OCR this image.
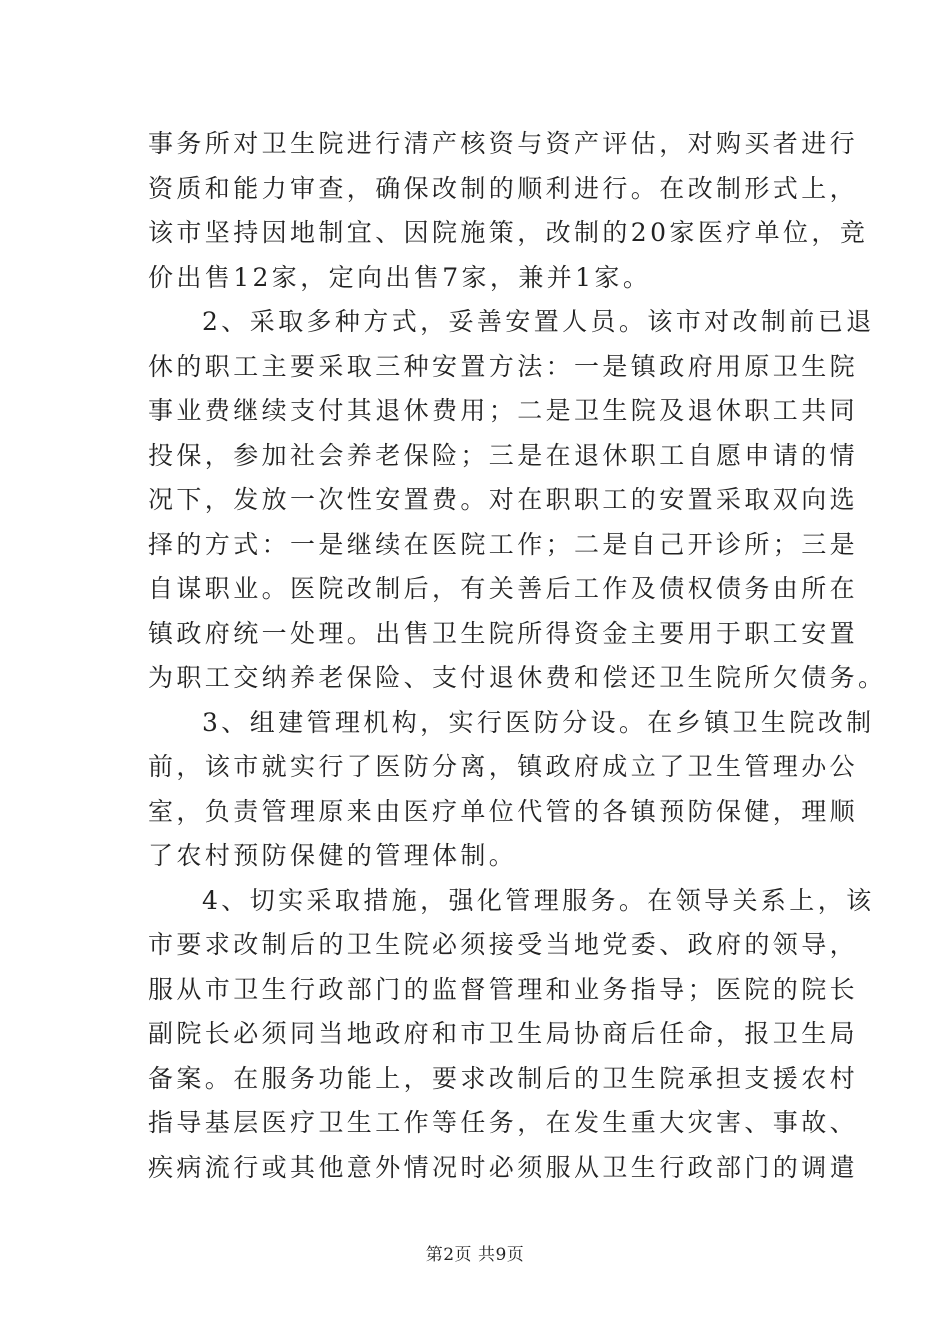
事务所对卫生院进行清产核资与资产评估，对购买者进行
资质和能力审查，确保改制的顺利进行。在改制形式上，
该市坚持因地制宜、因院施策，改制的20家医疗单位，竞
价出售12家，定向出售7家，兼并1家。

2、采取多种方式，妥善安置人员。该市对改制前已退
休的职工主要采取三种安置方法：一是镇政府用原卫生院
事业费继续支付其退休费用；二是卫生院及退休职工共同
投保，参加社会养老保险；三是在退休职工自愿申请的情
况下，发放一次性安置费。对在职职工的安置采取双向选
择的方式：一是继续在医院工作；二是自己开诊所；三是
自谋职业。医院改制后，有关善后工作及债权债务由所在
镇政府统一处理。出售卫生院所得资金主要用于职工安置
为职工交纳养老保险、支付退休费和偿还卫生院所欠债务。

3、组建管理机构，实行医防分设。在乡镇卫生院改制
前，该市就实行了医防分离，镇政府成立了卫生管理办公
室，负责管理原来由医疗单位代管的各镇预防保健，理顺
了农村预防保健的管理体制。

4、切实采取措施，强化管理服务。在领导关系上，该
市要求改制后的卫生院必须接受当地党委、政府的领导，
服从市卫生行政部门的监督管理和业务指导；医院的院长
副院长必须同当地政府和市卫生局协商后任命，报卫生局
备案。在服务功能上，要求改制后的卫生院承担支援农村
指导基层医疗卫生工作等任务，在发生重大灾害、事故、
疾病流行或其他意外情况时必须服从卫生行政部门的调遣

第2页 共9页
